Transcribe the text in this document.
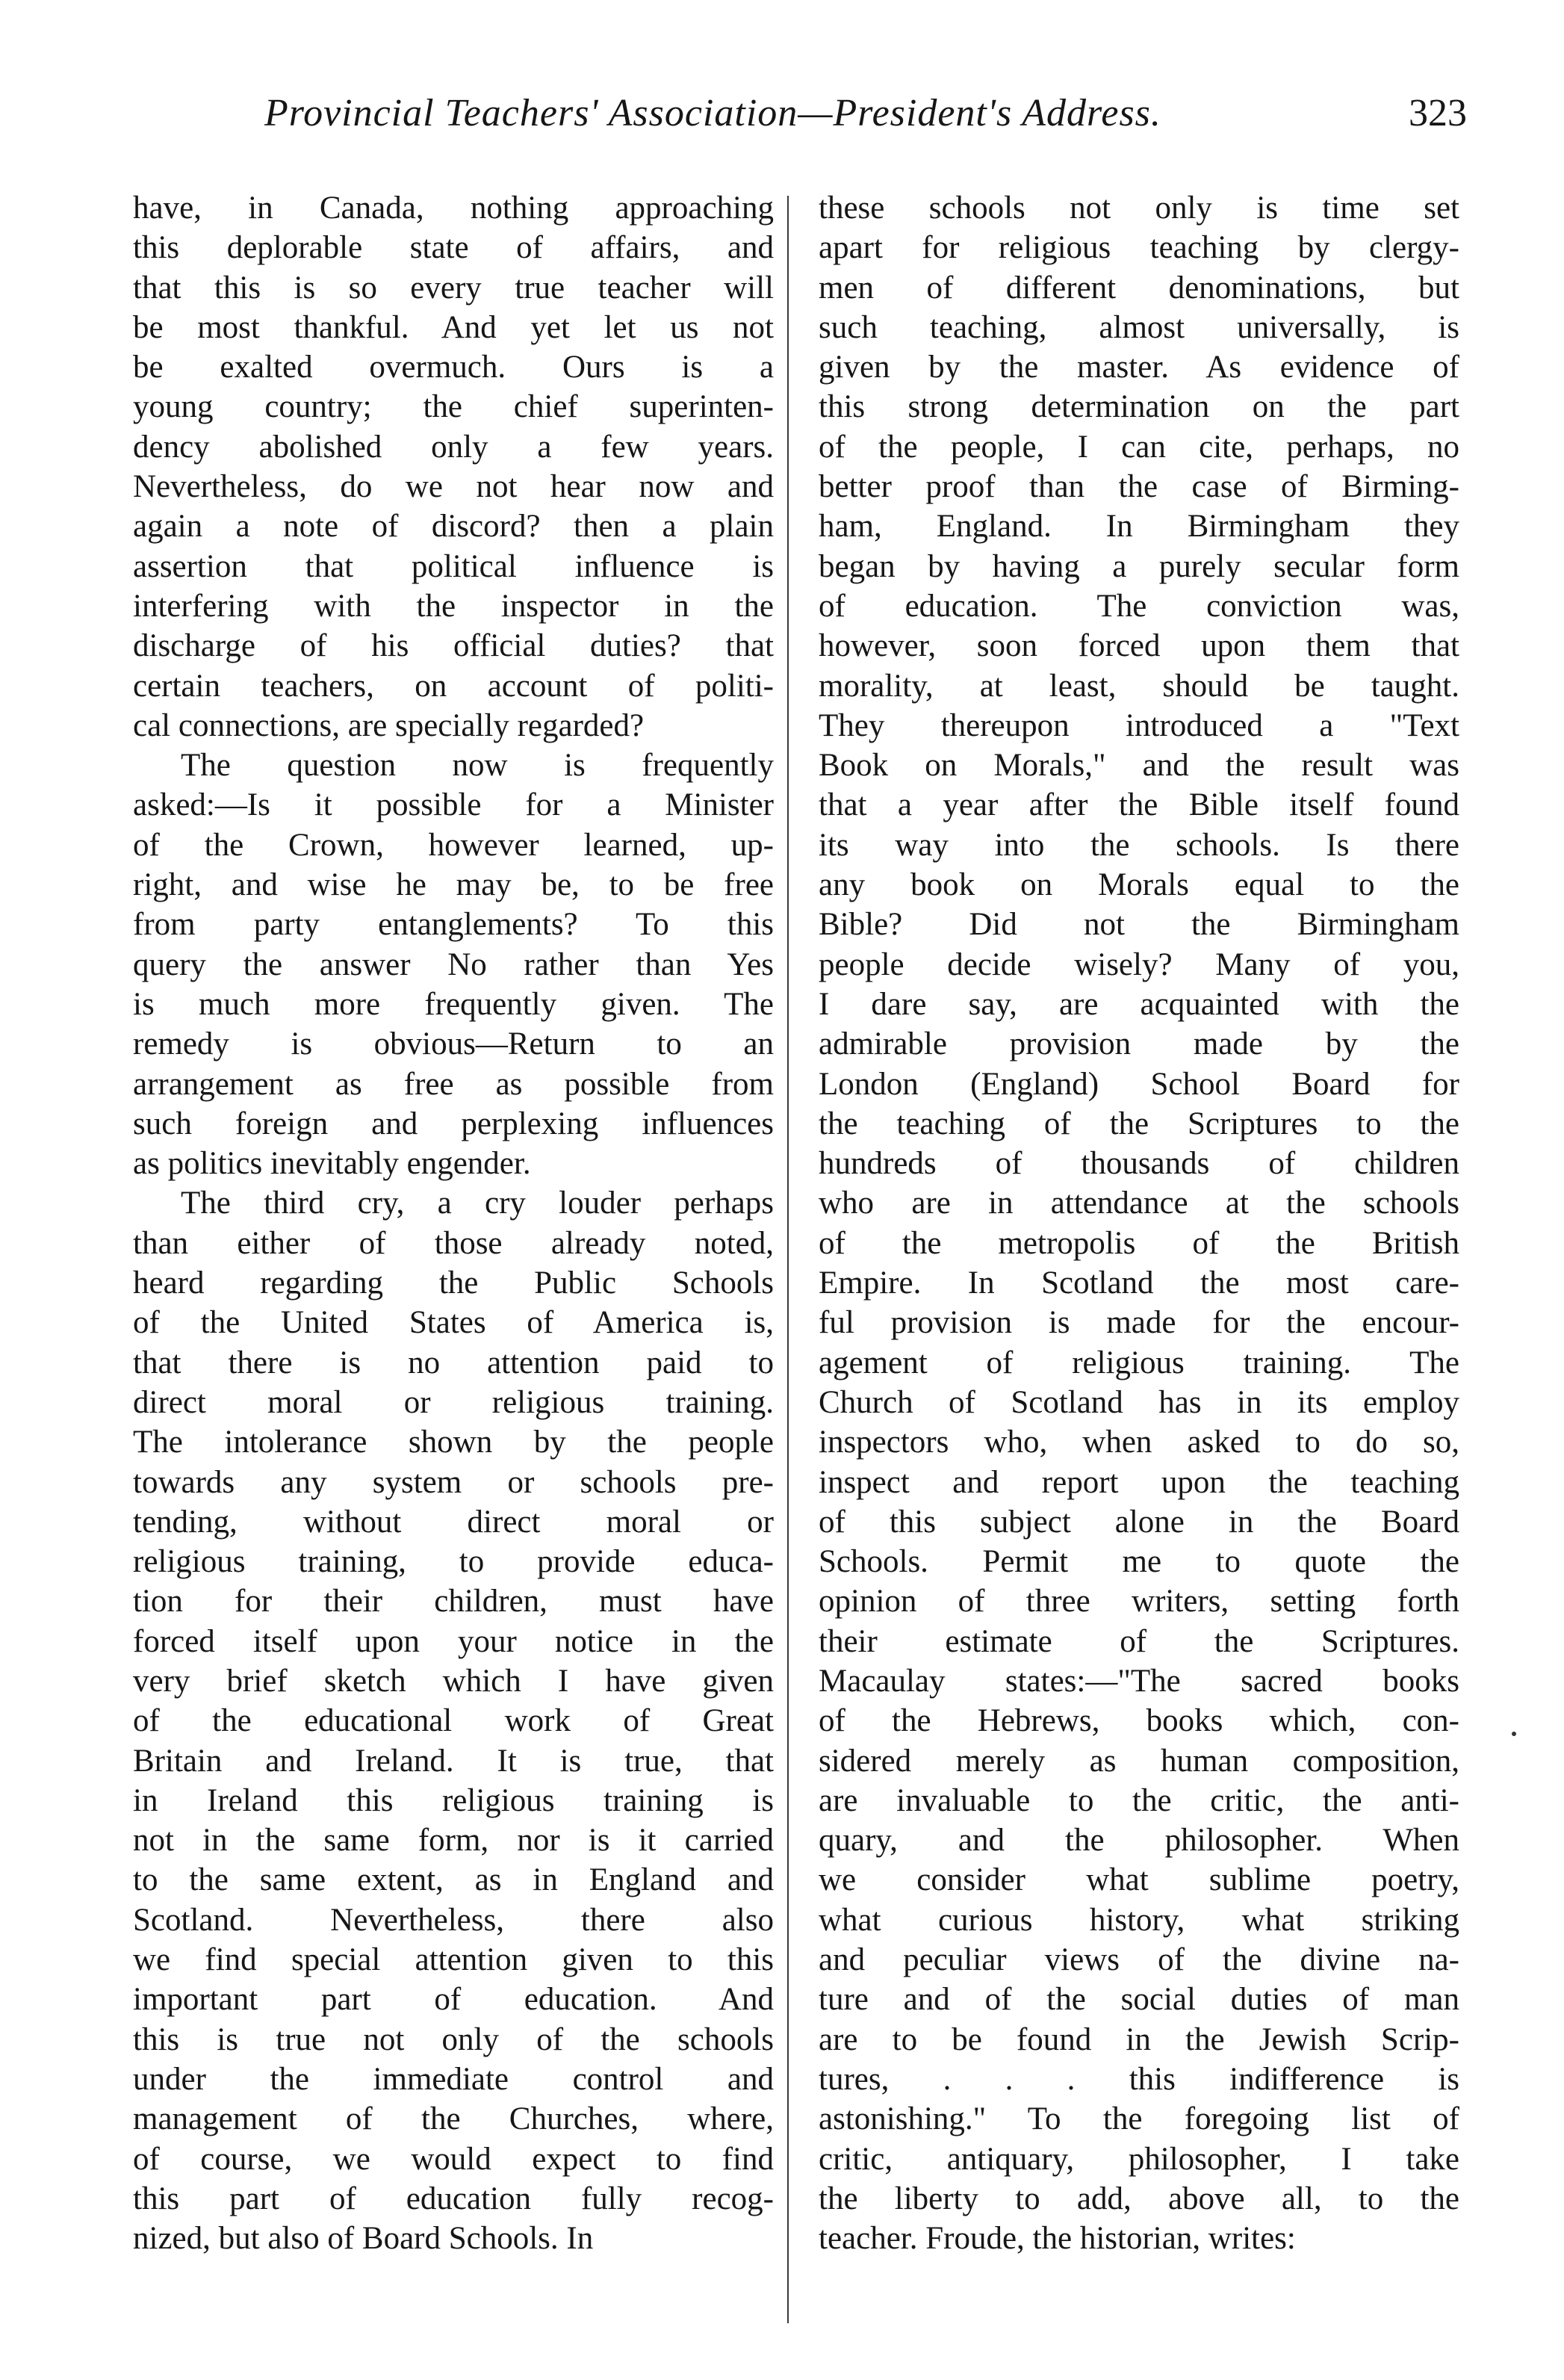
Provincial Teachers' Association—President's Address.	323
have, in Canada, nothing approaching
this deplorable state of affairs, and
that this is so every true teacher will
be most thankful. And yet let us not
be exalted overmuch. Ours is a
young country; the chief superinten-
dency abolished only a few years.
Nevertheless, do we not hear now and
again a note of discord? then a plain
assertion that political influence is
interfering with the inspector in the
discharge of his official duties? that
certain teachers, on account of politi-
cal connections, are specially regarded?
The question now is frequently
asked:—Is it possible for a Minister
of the Crown, however learned, up-
right, and wise he may be, to be free
from party entanglements? To this
query the answer No rather than Yes
is much more frequently given. The
remedy is obvious—Return to an
arrangement as free as possible from
such foreign and perplexing influences
as politics inevitably engender.
The third cry, a cry louder perhaps
than either of those already noted,
heard regarding the Public Schools
of the United States of America is,
that there is no attention paid to
direct moral or religious training.
The intolerance shown by the people
towards any system or schools pre-
tending, without direct moral or
religious training, to provide educa-
tion for their children, must have
forced itself upon your notice in the
very brief sketch which I have given
of the educational work of Great
Britain and Ireland. It is true, that
in Ireland this religious training is
not in the same form, nor is it carried
to the same extent, as in England and
Scotland. Nevertheless, there also
we find special attention given to this
important part of education. And
this is true not only of the schools
under the immediate control and
management of the Churches, where,
of course, we would expect to find
this part of education fully recog-
nized, but also of Board Schools. In
these schools not only is time set
apart for religious teaching by clergy-
men of different denominations, but
such teaching, almost universally, is
given by the master. As evidence of
this strong determination on the part
of the people, I can cite, perhaps, no
better proof than the case of Birming-
ham, England. In Birmingham they
began by having a purely secular form
of education. The conviction was,
however, soon forced upon them that
morality, at least, should be taught.
They thereupon introduced a "Text
Book on Morals," and the result was
that a year after the Bible itself found
its way into the schools. Is there
any book on Morals equal to the
Bible? Did not the Birmingham
people decide wisely? Many of you,
I dare say, are acquainted with the
admirable provision made by the
London (England) School Board for
the teaching of the Scriptures to the
hundreds of thousands of children
who are in attendance at the schools
of the metropolis of the British
Empire. In Scotland the most care-
ful provision is made for the encour-
agement of religious training. The
Church of Scotland has in its employ
inspectors who, when asked to do so,
inspect and report upon the teaching
of this subject alone in the Board
Schools. Permit me to quote the
opinion of three writers, setting forth
their estimate of the Scriptures.
Macaulay states:—"The sacred books
of the Hebrews, books which, con-
sidered merely as human composition,
are invaluable to the critic, the anti-
quary, and the philosopher. When
we consider what sublime poetry,
what curious history, what striking
and peculiar views of the divine na-
ture and of the social duties of man
are to be found in the Jewish Scrip-
tures, . . . this indifference is
astonishing." To the foregoing list of
critic, antiquary, philosopher, I take
the liberty to add, above all, to the
teacher. Froude, the historian, writes:
